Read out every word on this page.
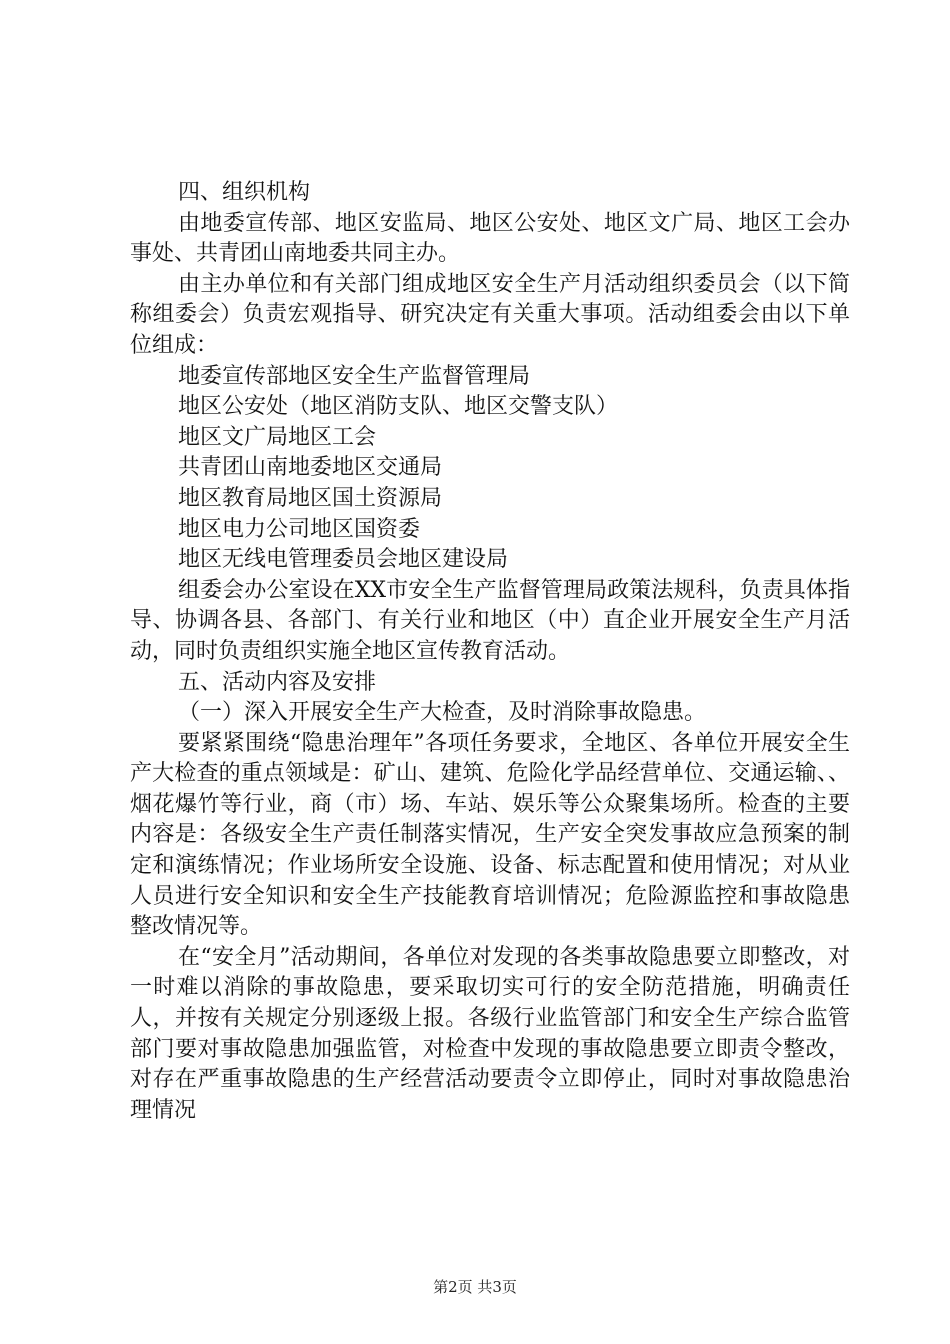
四、组织机构

由地委宣传部、地区安监局、地区公安处、地区文广局、地区工会办事处、共青团山南地委共同主办。

由主办单位和有关部门组成地区安全生产月活动组织委员会（以下简称组委会）负责宏观指导、研究决定有关重大事项。活动组委会由以下单位组成：

地委宣传部地区安全生产监督管理局

地区公安处（地区消防支队、地区交警支队）

地区文广局地区工会

共青团山南地委地区交通局

地区教育局地区国土资源局

地区电力公司地区国资委

地区无线电管理委员会地区建设局

组委会办公室设在XX市安全生产监督管理局政策法规科，负责具体指导、协调各县、各部门、有关行业和地区（中）直企业开展安全生产月活动，同时负责组织实施全地区宣传教育活动。

五、活动内容及安排

（一）深入开展安全生产大检查，及时消除事故隐患。

要紧紧围绕“隐患治理年”各项任务要求，全地区、各单位开展安全生产大检查的重点领域是：矿山、建筑、危险化学品经营单位、交通运输、、烟花爆竹等行业，商（市）场、车站、娱乐等公众聚集场所。检查的主要内容是：各级安全生产责任制落实情况，生产安全突发事故应急预案的制定和演练情况；作业场所安全设施、设备、标志配置和使用情况；对从业人员进行安全知识和安全生产技能教育培训情况；危险源监控和事故隐患整改情况等。

在“安全月”活动期间，各单位对发现的各类事故隐患要立即整改，对一时难以消除的事故隐患，要采取切实可行的安全防范措施，明确责任人，并按有关规定分别逐级上报。各级行业监管部门和安全生产综合监管部门要对事故隐患加强监管，对检查中发现的事故隐患要立即责令整改，对存在严重事故隐患的生产经营活动要责令立即停止，同时对事故隐患治理情况

第2页 共3页
